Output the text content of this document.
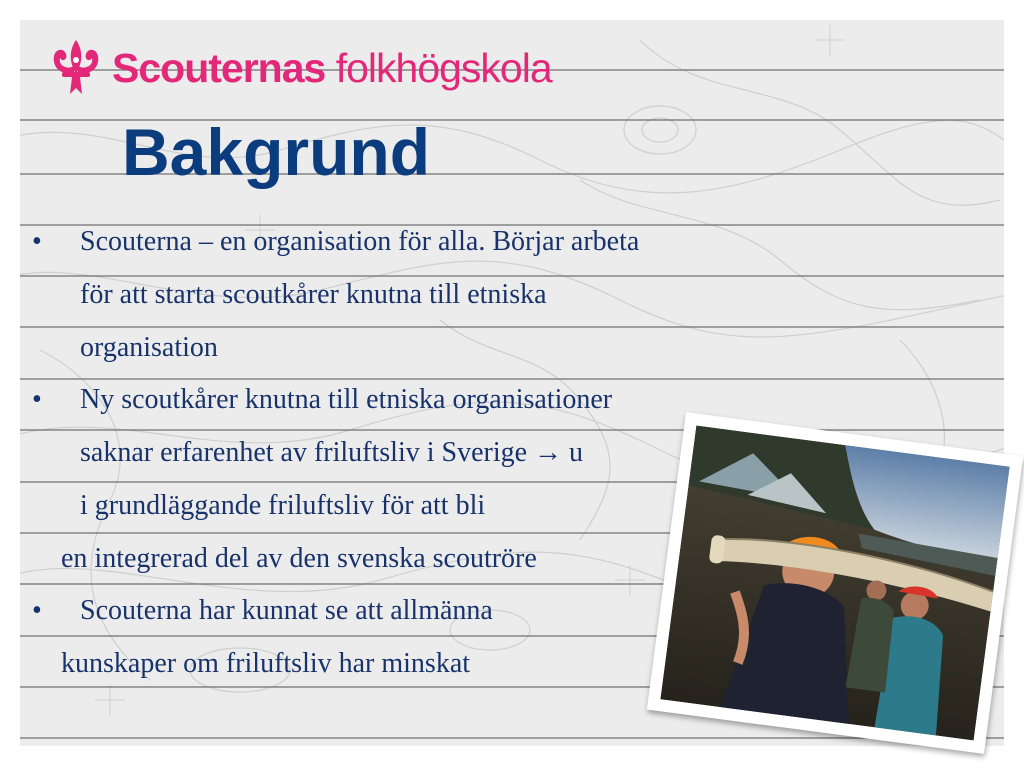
Scouternas folkhögskola
Bakgrund
• Scouterna – en organisation för alla. Börjar arbeta
för att starta scoutkårer knutna till etniska
organisation
• Ny scoutkårer knutna till etniska organisationer
saknar erfarenhet av friluftsliv i Sverige → u
i grundläggande friluftsliv för att bli
en integrerad del av den svenska scoutröre
• Scouterna har kunnat se att allmänna
kunskaper om friluftsliv har minskat
